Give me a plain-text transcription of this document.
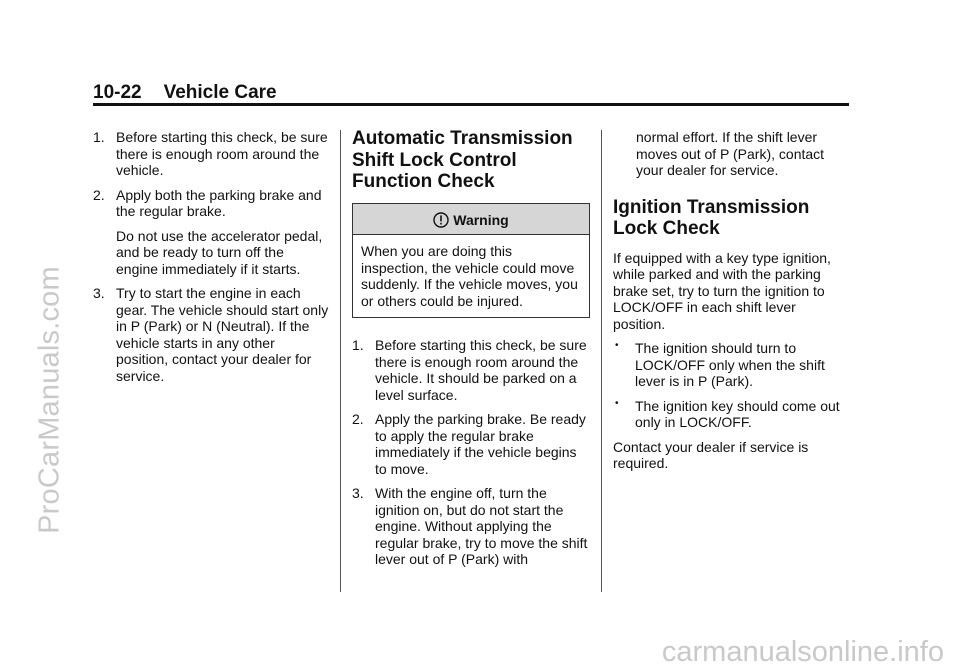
ProCarManuals.com
carmanualsonline.info
10-22 Vehicle Care
1. Before starting this check, be sure there is enough room around the vehicle.
2. Apply both the parking brake and the regular brake.
Do not use the accelerator pedal, and be ready to turn off the engine immediately if it starts.
3. Try to start the engine in each gear. The vehicle should start only in P (Park) or N (Neutral). If the vehicle starts in any other position, contact your dealer for service.
Automatic Transmission Shift Lock Control Function Check
Warning
When you are doing this inspection, the vehicle could move suddenly. If the vehicle moves, you or others could be injured.
1. Before starting this check, be sure there is enough room around the vehicle. It should be parked on a level surface.
2. Apply the parking brake. Be ready to apply the regular brake immediately if the vehicle begins to move.
3. With the engine off, turn the ignition on, but do not start the engine. Without applying the regular brake, try to move the shift lever out of P (Park) with

normal effort. If the shift lever moves out of P (Park), contact your dealer for service.

Ignition Transmission Lock Check

If equipped with a key type ignition, while parked and with the parking brake set, try to turn the ignition to LOCK/OFF in each shift lever position.

• The ignition should turn to LOCK/OFF only when the shift lever is in P (Park).
• The ignition key should come out only in LOCK/OFF.

Contact your dealer if service is required.
